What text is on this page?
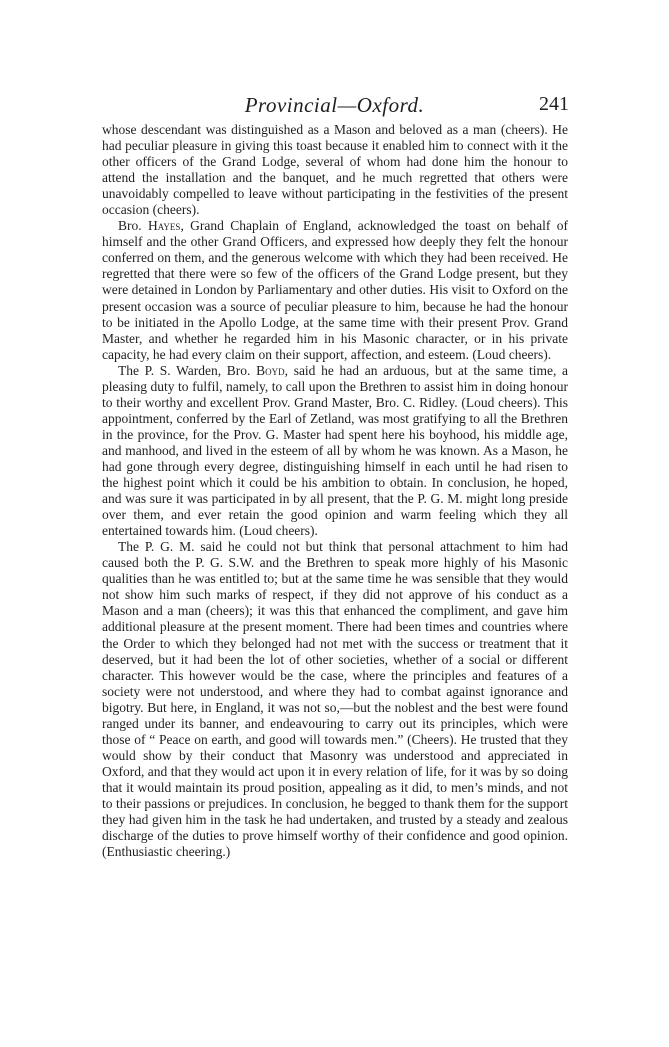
Provincial—Oxford.	241

whose descendant was distinguished as a Mason and beloved as a man (cheers). He had peculiar pleasure in giving this toast because it enabled him to connect with it the other officers of the Grand Lodge, several of whom had done him the honour to attend the installation and the banquet, and he much regretted that others were unavoidably compelled to leave without participating in the festivities of the present occasion (cheers).

Bro. Hayes, Grand Chaplain of England, acknowledged the toast on behalf of himself and the other Grand Officers, and expressed how deeply they felt the honour conferred on them, and the generous welcome with which they had been received. He regretted that there were so few of the officers of the Grand Lodge present, but they were detained in London by Parliamentary and other duties. His visit to Oxford on the present occasion was a source of peculiar pleasure to him, because he had the honour to be initiated in the Apollo Lodge, at the same time with their present Prov. Grand Master, and whether he regarded him in his Masonic character, or in his private capacity, he had every claim on their support, affection, and esteem. (Loud cheers).

The P. S. Warden, Bro. Boyd, said he had an arduous, but at the same time, a pleasing duty to fulfil, namely, to call upon the Brethren to assist him in doing honour to their worthy and excellent Prov. Grand Master, Bro. C. Ridley. (Loud cheers). This appointment, conferred by the Earl of Zetland, was most gratifying to all the Brethren in the province, for the Prov. G. Master had spent here his boyhood, his middle age, and manhood, and lived in the esteem of all by whom he was known. As a Mason, he had gone through every degree, distinguishing himself in each until he had risen to the highest point which it could be his ambition to obtain. In conclusion, he hoped, and was sure it was participated in by all present, that the P. G. M. might long preside over them, and ever retain the good opinion and warm feeling which they all entertained towards him. (Loud cheers).

The P. G. M. said he could not but think that personal attachment to him had caused both the P. G. S.W. and the Brethren to speak more highly of his Masonic qualities than he was entitled to; but at the same time he was sensible that they would not show him such marks of respect, if they did not approve of his conduct as a Mason and a man (cheers); it was this that enhanced the compliment, and gave him additional pleasure at the present moment. There had been times and countries where the Order to which they belonged had not met with the success or treatment that it deserved, but it had been the lot of other societies, whether of a social or different character. This however would be the case, where the principles and features of a society were not understood, and where they had to combat against ignorance and bigotry. But here, in England, it was not so,—but the noblest and the best were found ranged under its banner, and endeavouring to carry out its principles, which were those of “ Peace on earth, and good will towards men.” (Cheers). He trusted that they would show by their conduct that Masonry was understood and appreciated in Oxford, and that they would act upon it in every relation of life, for it was by so doing that it would maintain its proud position, appealing as it did, to men’s minds, and not to their passions or prejudices. In conclusion, he begged to thank them for the support they had given him in the task he had undertaken, and trusted by a steady and zealous discharge of the duties to prove himself worthy of their confidence and good opinion. (Enthusiastic cheering.)
